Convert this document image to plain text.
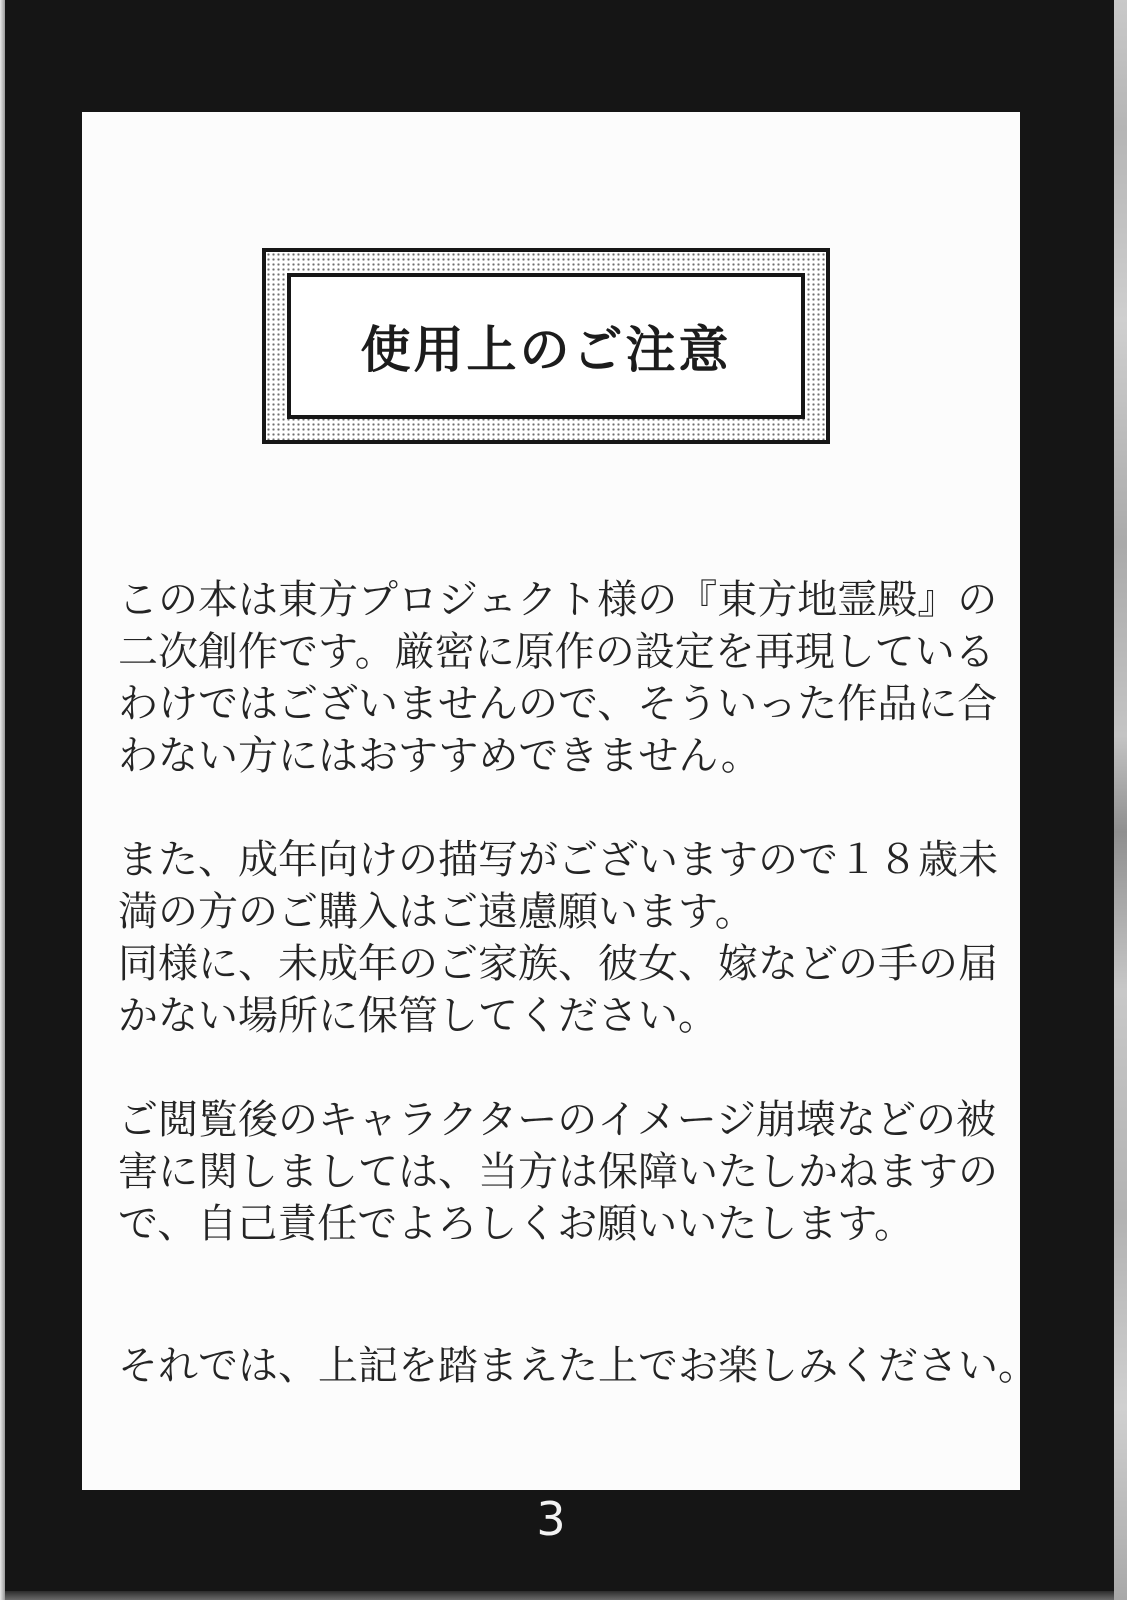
使用上のご注意
この本は東方プロジェクト様の『東方地霊殿』の
二次創作です。厳密に原作の設定を再現している
わけではございませんので、そういった作品に合
わない方にはおすすめできません。
また、成年向けの描写がございますので１８歳未
満の方のご購入はご遠慮願います。
同様に、未成年のご家族、彼女、嫁などの手の届
かない場所に保管してください。
ご閲覧後のキャラクターのイメージ崩壊などの被
害に関しましては、当方は保障いたしかねますの
で、自己責任でよろしくお願いいたします。
それでは、上記を踏まえた上でお楽しみください。
3
